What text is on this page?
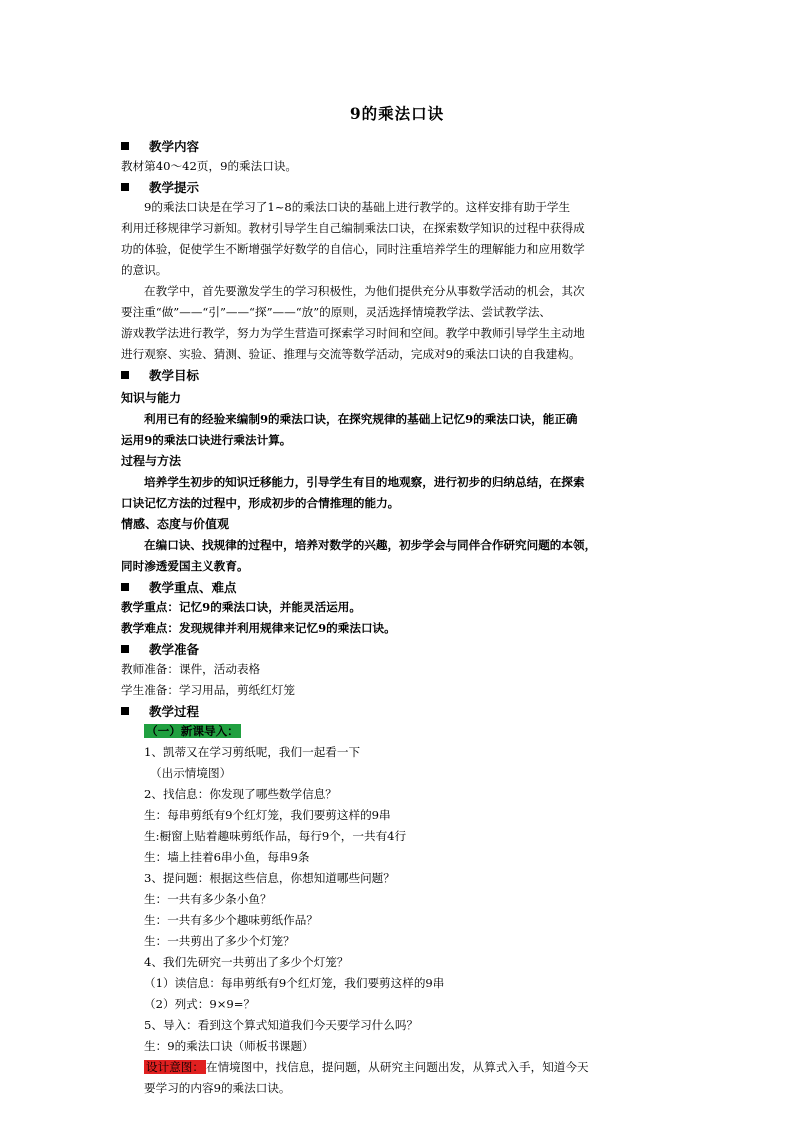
9的乘法口诀
教学内容

教材第40～42页，9的乘法口诀。

教学提示

9的乘法口诀是在学习了1~8的乘法口诀的基础上进行教学的。这样安排有助于学生

利用迁移规律学习新知。教材引导学生自己编制乘法口诀，在探索数学知识的过程中获得成

功的体验，促使学生不断增强学好数学的自信心，同时注重培养学生的理解能力和应用数学

的意识。

在教学中，首先要激发学生的学习积极性，为他们提供充分从事数学活动的机会，其次

要注重“做”——“引”——“探”——“放”的原则，灵活选择情境教学法、尝试教学法、

游戏教学法进行教学，努力为学生营造可探索学习时间和空间。教学中教师引导学生主动地

进行观察、实验、猜测、验证、推理与交流等数学活动，完成对9的乘法口诀的自我建构。

教学目标

知识与能力

利用已有的经验来编制9的乘法口诀，在探究规律的基础上记忆9的乘法口诀，能正确

运用9的乘法口诀进行乘法计算。

过程与方法

培养学生初步的知识迁移能力，引导学生有目的地观察，进行初步的归纳总结，在探索

口诀记忆方法的过程中，形成初步的合情推理的能力。

情感、态度与价值观

在编口诀、找规律的过程中，培养对数学的兴趣，初步学会与同伴合作研究问题的本领，

同时渗透爱国主义教育。

教学重点、难点

教学重点：记忆9的乘法口诀，并能灵活运用。

教学难点：发现规律并利用规律来记忆9的乘法口诀。

教学准备

教师准备：课件，活动表格

学生准备：学习用品，剪纸红灯笼

教学过程

（一）新课导入：

1、凯蒂又在学习剪纸呢，我们一起看一下

（出示情境图）

2、找信息：你发现了哪些数学信息？

生：每串剪纸有9个红灯笼，我们要剪这样的9串

生:橱窗上贴着趣味剪纸作品，每行9个，一共有4行

生：墙上挂着6串小鱼，每串9条

3、提问题：根据这些信息，你想知道哪些问题？

生：一共有多少条小鱼？

生：一共有多少个趣味剪纸作品？

生：一共剪出了多少个灯笼？

4、我们先研究一共剪出了多少个灯笼？

（1）读信息：每串剪纸有9个红灯笼，我们要剪这样的9串

（2）列式：9×9=？

5、导入：看到这个算式知道我们今天要学习什么吗？

生：9的乘法口诀（师板书课题）

设计意图： 在情境图中，找信息，提问题，从研究主问题出发，从算式入手，知道今天

要学习的内容9的乘法口诀。
